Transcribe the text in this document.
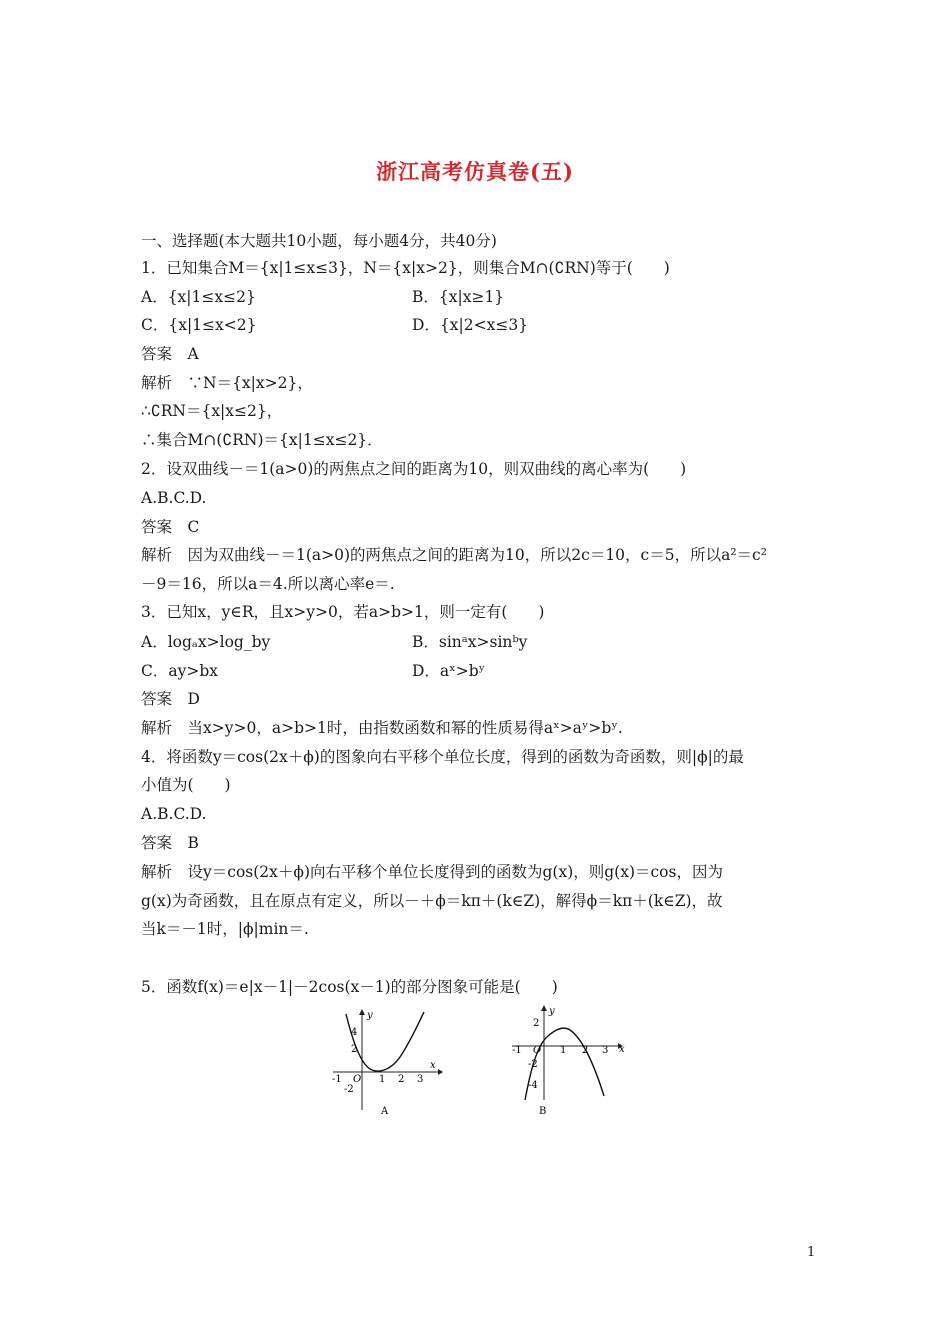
浙江高考仿真卷(五)
一、选择题(本大题共10小题，每小题4分，共40分)
1．已知集合M＝{x|1≤x≤3}，N＝{x|x>2}，则集合M∩(∁RN)等于(　　)
A．{x|1≤x≤2}	B．{x|x≥1}
C．{x|1≤x<2}	D．{x|2<x≤3}
答案　A
解析　∵N＝{x|x>2}，
∴∁RN＝{x|x≤2}，
∴集合M∩(∁RN)＝{x|1≤x≤2}．
2．设双曲线－＝1(a>0)的两焦点之间的距离为10，则双曲线的离心率为(　　)
A.B.C.D.
答案　C
解析　因为双曲线－＝1(a>0)的两焦点之间的距离为10，所以2c＝10，c＝5，所以a²＝c²
－9＝16，所以a＝4.所以离心率e＝.
3．已知x，y∈R，且x>y>0，若a>b>1，则一定有(　　)
A．logₐx>log_by	B．sinᵃx>sinᵇy
C．ay>bx	D．aˣ>bʸ
答案　D
解析　当x>y>0，a>b>1时，由指数函数和幂的性质易得aˣ>aʸ>bʸ.
4．将函数y＝cos(2x＋ϕ)的图象向右平移个单位长度，得到的函数为奇函数，则|ϕ|的最
小值为(　　)
A.B.C.D.
答案　B
解析　设y＝cos(2x＋ϕ)向右平移个单位长度得到的函数为g(x)，则g(x)＝cos，因为
g(x)为奇函数，且在原点有定义，所以－＋ϕ＝kπ＋(k∈Z)，解得ϕ＝kπ＋(k∈Z)，故
当k＝－1时，|ϕ|min＝.
5．函数f(x)＝e|x－1|－2cos(x－1)的部分图象可能是(　　)
x
y
4
2
-2
-1 O 1 2 3
A
x
y
2
-2
-4
-1 O 1 2 3
B
1
